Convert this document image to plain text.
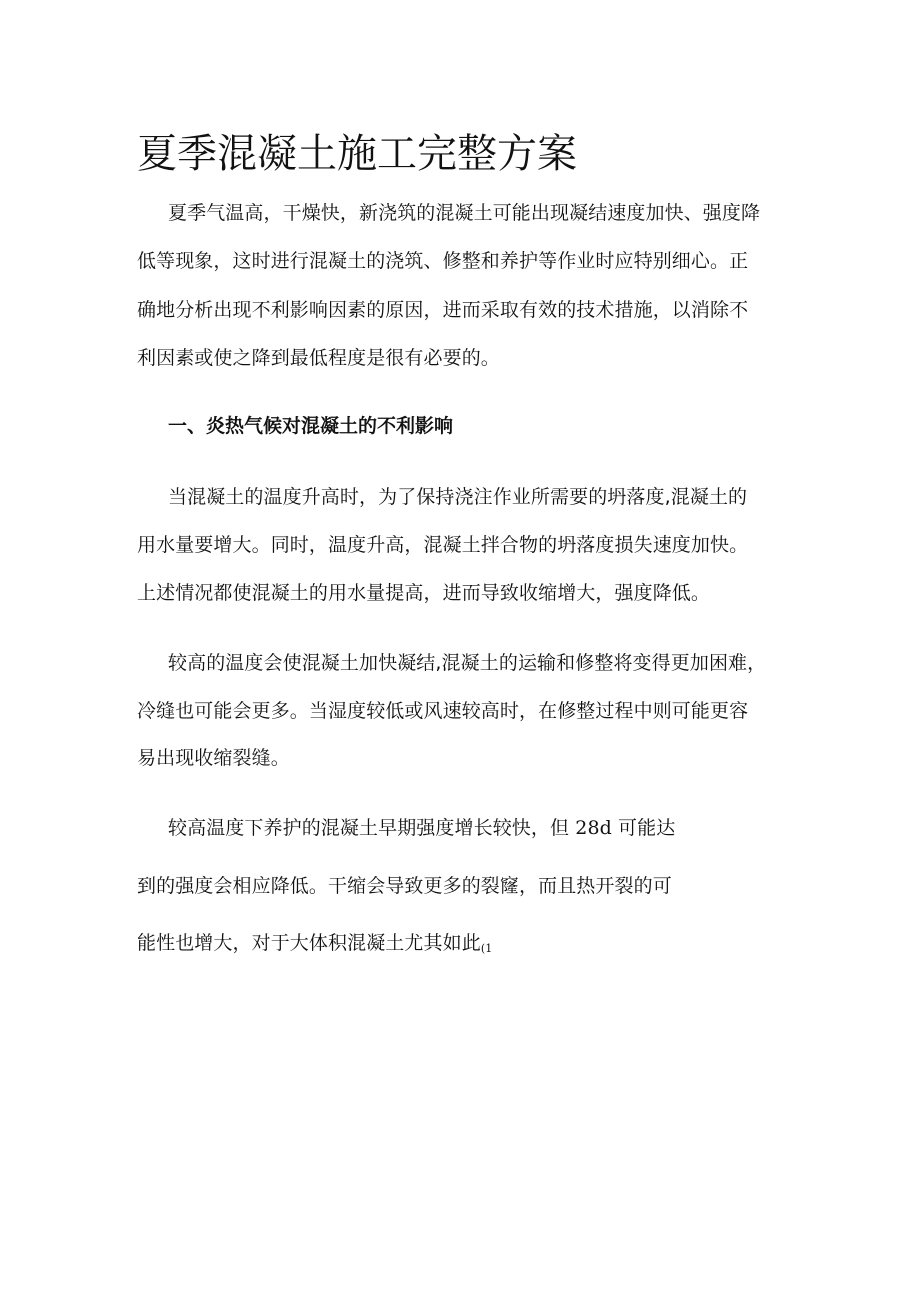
夏季混凝土施工完整方案
夏季气温高，干燥快，新浇筑的混凝土可能出现凝结速度加快、强度降
低等现象，这时进行混凝土的浇筑、修整和养护等作业时应特别细心。正
确地分析出现不利影响因素的原因，进而采取有效的技术措施，以消除不
利因素或使之降到最低程度是很有必要的。
一、炎热气候对混凝土的不利影响
当混凝土的温度升高时，为了保持浇注作业所需要的坍落度,混凝土的
用水量要增大。同时，温度升高，混凝土拌合物的坍落度损失速度加快。
上述情况都使混凝土的用水量提高，进而导致收缩增大，强度降低。
较高的温度会使混凝土加快凝结,混凝土的运输和修整将变得更加困难，
冷缝也可能会更多。当湿度较低或风速较高时，在修整过程中则可能更容
易出现收缩裂缝。
较高温度下养护的混凝土早期强度增长较快，但 28d 可能达
到的强度会相应降低。干缩会导致更多的裂窿，而且热开裂的可
能性也增大，对于大体积混凝土尤其如此(1
